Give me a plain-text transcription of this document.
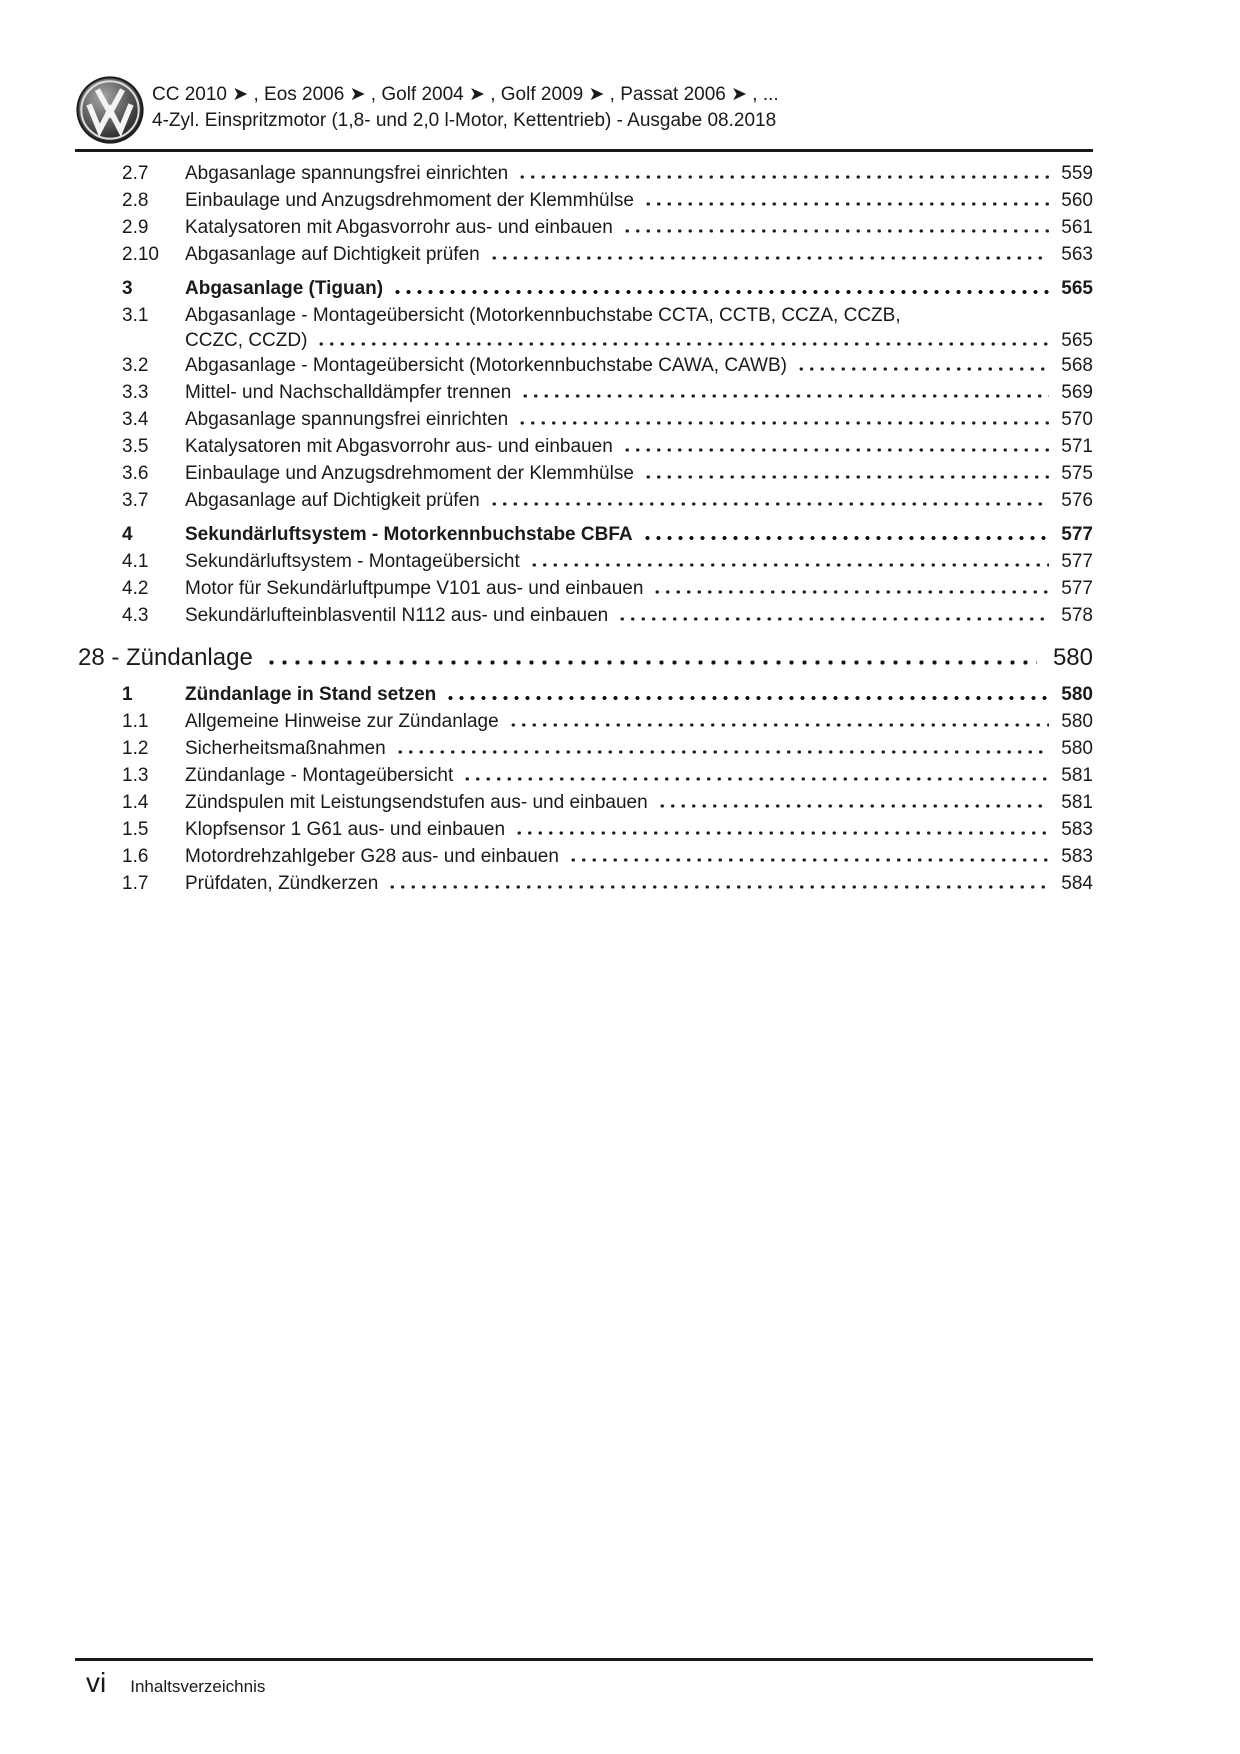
CC 2010 ➤ , Eos 2006 ➤ , Golf 2004 ➤ , Golf 2009 ➤ , Passat 2006 ➤ , ...
4-Zyl. Einspritzmotor (1,8- und 2,0 l-Motor, Kettentrieb) - Ausgabe 08.2018
2.7	Abgasanlage spannungsfrei einrichten	559
2.8	Einbaulage und Anzugsdrehmoment der Klemmhülse	560
2.9	Katalysatoren mit Abgasvorrohr aus- und einbauen	561
2.10	Abgasanlage auf Dichtigkeit prüfen	563
3	Abgasanlage (Tiguan)	565
3.1	Abgasanlage - Montageübersicht (Motorkennbuchstabe CCTA, CCTB, CCZA, CCZB,
CCZC, CCZD)	565
3.2	Abgasanlage - Montageübersicht (Motorkennbuchstabe CAWA, CAWB)	568
3.3	Mittel- und Nachschalldämpfer trennen	569
3.4	Abgasanlage spannungsfrei einrichten	570
3.5	Katalysatoren mit Abgasvorrohr aus- und einbauen	571
3.6	Einbaulage und Anzugsdrehmoment der Klemmhülse	575
3.7	Abgasanlage auf Dichtigkeit prüfen	576
4	Sekundärluftsystem - Motorkennbuchstabe CBFA	577
4.1	Sekundärluftsystem - Montageübersicht	577
4.2	Motor für Sekundärluftpumpe V101 aus- und einbauen	577
4.3	Sekundärlufteinblasventil N112 aus- und einbauen	578
28 - Zündanlage	580
1	Zündanlage in Stand setzen	580
1.1	Allgemeine Hinweise zur Zündanlage	580
1.2	Sicherheitsmaßnahmen	580
1.3	Zündanlage - Montageübersicht	581
1.4	Zündspulen mit Leistungsendstufen aus- und einbauen	581
1.5	Klopfsensor 1 G61 aus- und einbauen	583
1.6	Motordrehzahlgeber G28 aus- und einbauen	583
1.7	Prüfdaten, Zündkerzen	584
vi Inhaltsverzeichnis
